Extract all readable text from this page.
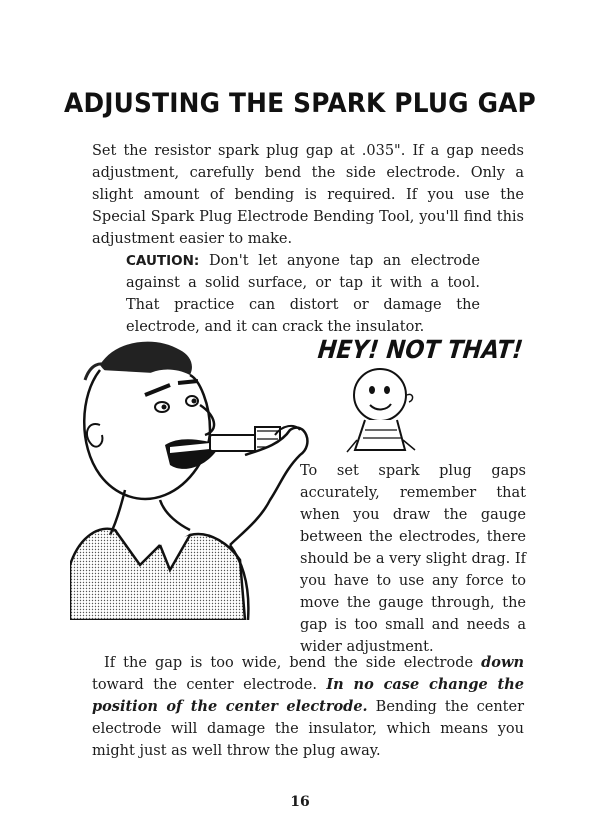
ADJUSTING THE SPARK PLUG GAP

Set the resistor spark plug gap at .035". If a gap needs adjustment, carefully bend the side electrode. Only a slight amount of bending is required. If you use the Special Spark Plug Electrode Bending Tool, you'll find this adjustment easier to make.

CAUTION: Don't let anyone tap an electrode against a solid surface, or tap it with a tool. That practice can distort or damage the electrode, and it can crack the insulator.

HEY! NOT THAT!

To set spark plug gaps accurately, remember that when you draw the gauge between the electrodes, there should be a very slight drag. If you have to use any force to move the gauge through, the gap is too small and needs a wider adjustment.

If the gap is too wide, bend the side electrode down toward the center electrode. In no case change the position of the center electrode. Bending the center electrode will damage the insulator, which means you might just as well throw the plug away.

16
